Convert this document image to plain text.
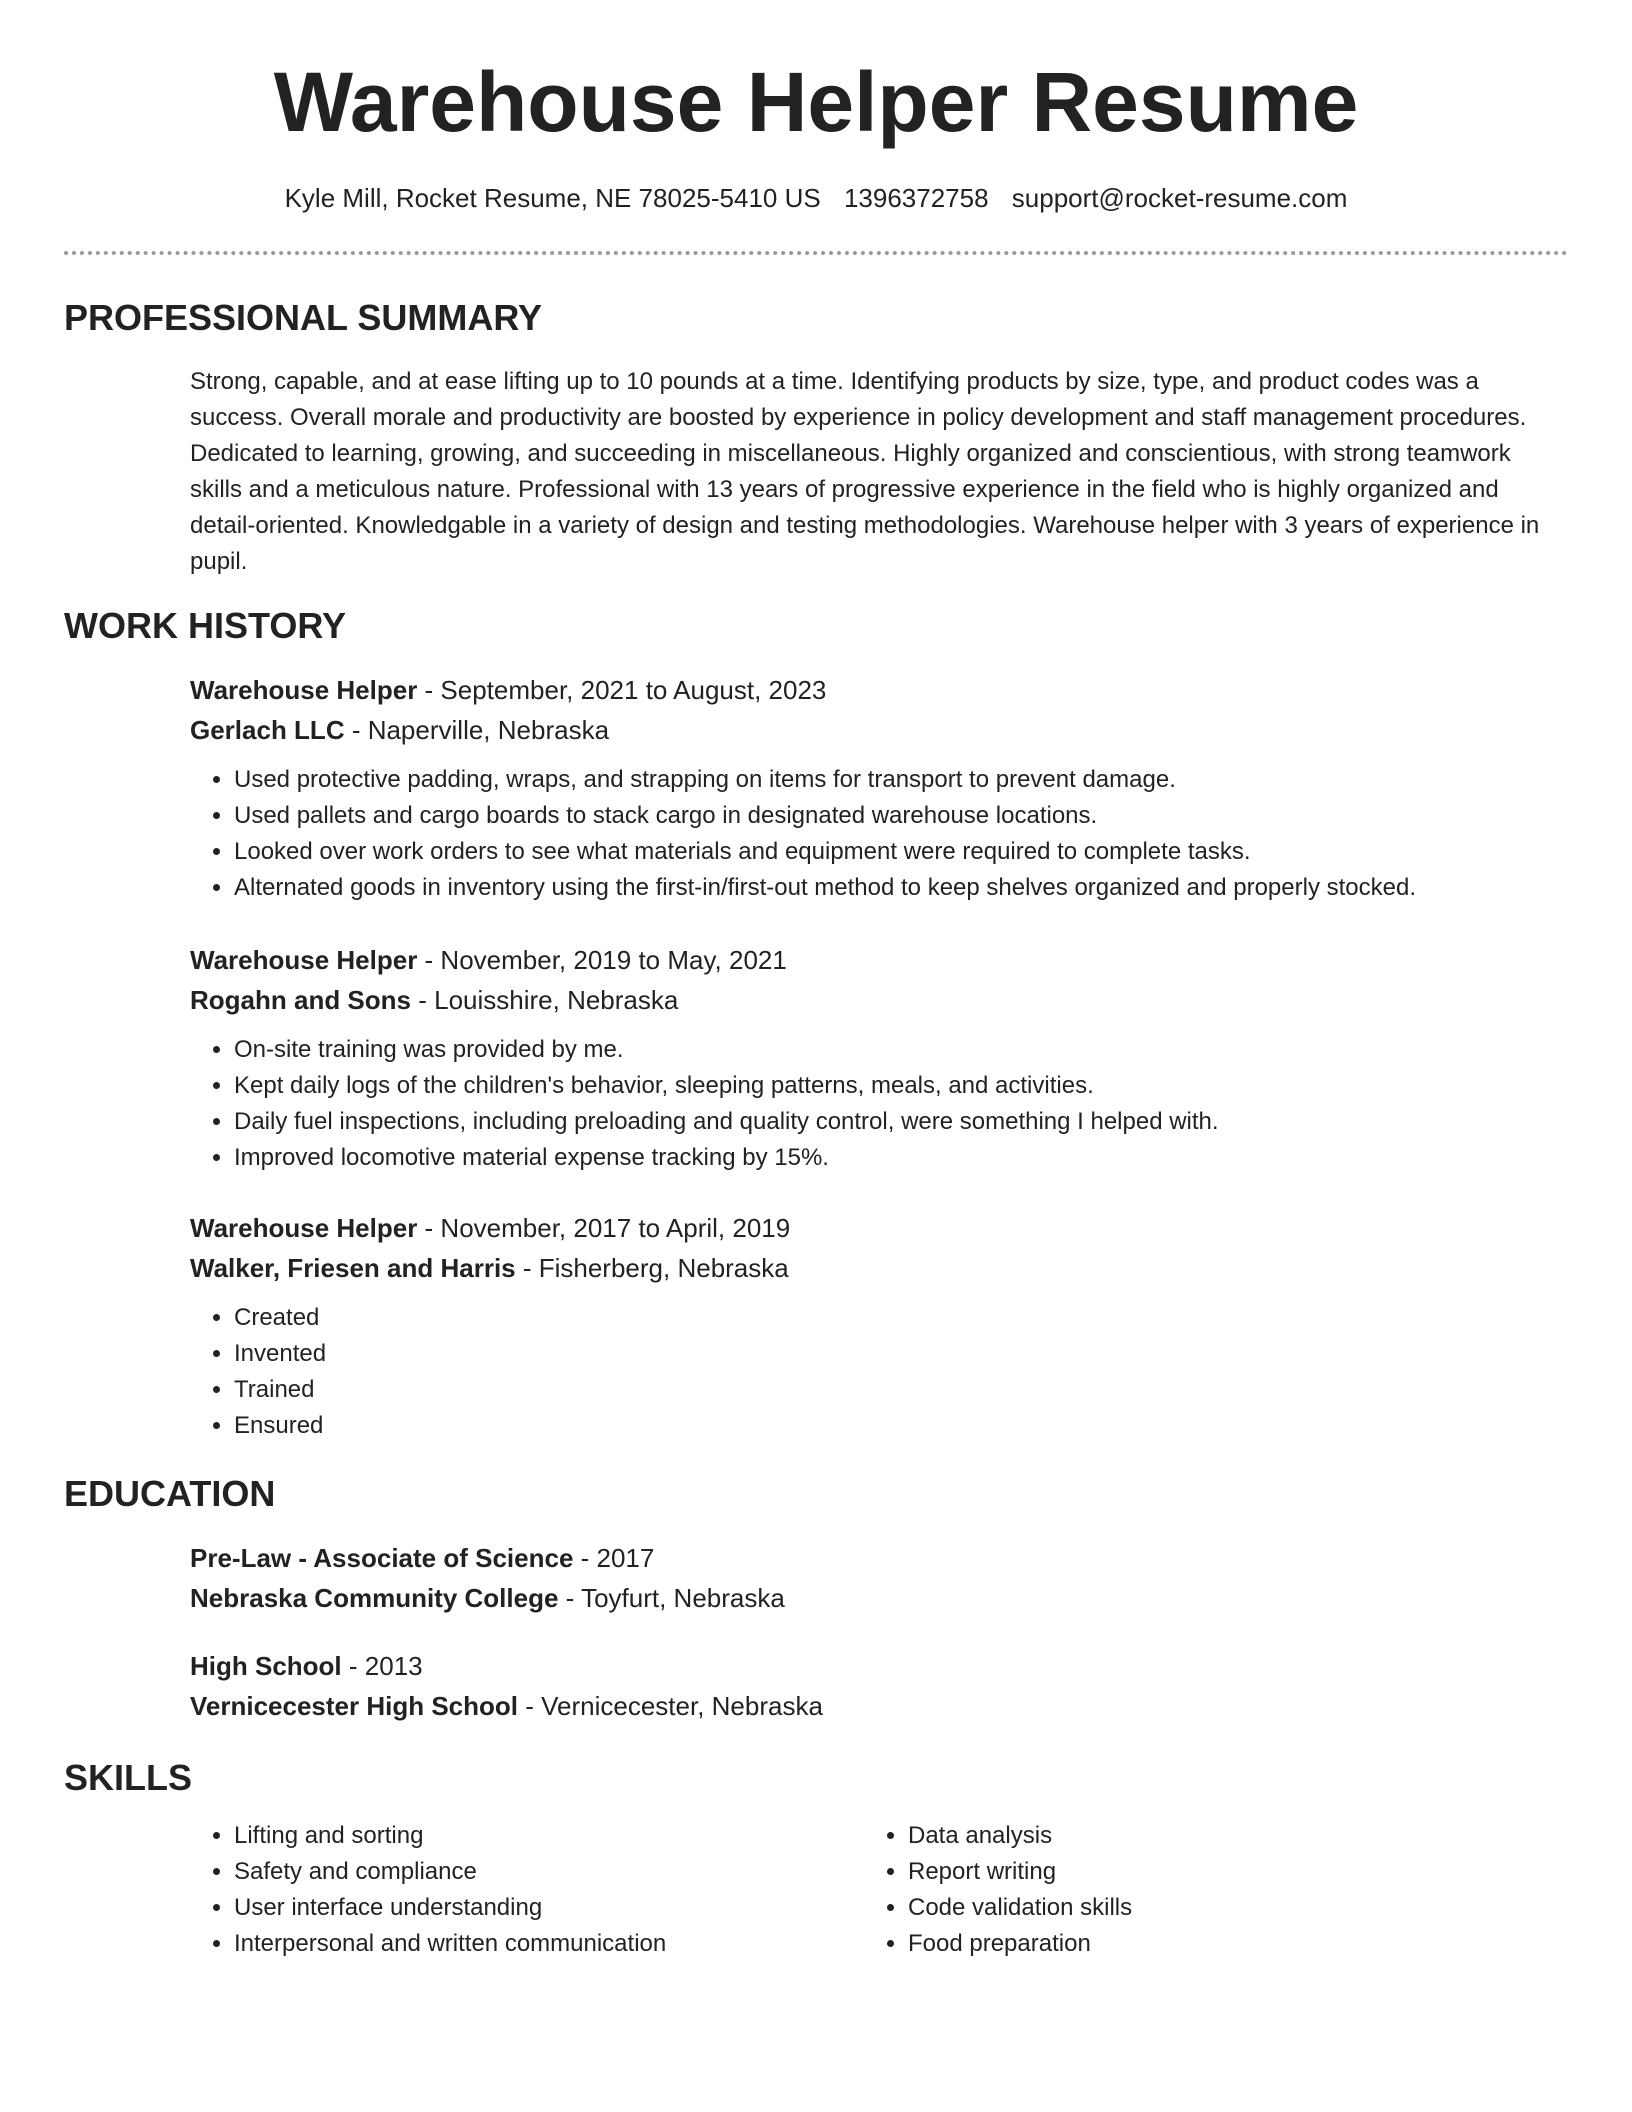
Warehouse Helper Resume
Kyle Mill, Rocket Resume, NE 78025-5410 US 1396372758 support@rocket-resume.com
PROFESSIONAL SUMMARY

Strong, capable, and at ease lifting up to 10 pounds at a time. Identifying products by size, type, and product codes was a success. Overall morale and productivity are boosted by experience in policy development and staff management procedures. Dedicated to learning, growing, and succeeding in miscellaneous. Highly organized and conscientious, with strong teamwork skills and a meticulous nature. Professional with 13 years of progressive experience in the field who is highly organized and detail-oriented. Knowledgable in a variety of design and testing methodologies. Warehouse helper with 3 years of experience in pupil.

WORK HISTORY

Warehouse Helper - September, 2021 to August, 2023

Gerlach LLC - Naperville, Nebraska

• Used protective padding, wraps, and strapping on items for transport to prevent damage.
• Used pallets and cargo boards to stack cargo in designated warehouse locations.
• Looked over work orders to see what materials and equipment were required to complete tasks.
• Alternated goods in inventory using the first-in/first-out method to keep shelves organized and properly stocked.

Warehouse Helper - November, 2019 to May, 2021

Rogahn and Sons - Louisshire, Nebraska

• On-site training was provided by me.
• Kept daily logs of the children's behavior, sleeping patterns, meals, and activities.
• Daily fuel inspections, including preloading and quality control, were something I helped with.
• Improved locomotive material expense tracking by 15%.

Warehouse Helper - November, 2017 to April, 2019

Walker, Friesen and Harris - Fisherberg, Nebraska

• Created
• Invented
• Trained
• Ensured
EDUCATION

Pre-Law - Associate of Science - 2017

Nebraska Community College - Toyfurt, Nebraska

High School - 2013

Vernicecester High School - Vernicecester, Nebraska

SKILLS
• Lifting and sorting
• Safety and compliance
• User interface understanding
• Interpersonal and written communication
• Data analysis
• Report writing
• Code validation skills
• Food preparation
